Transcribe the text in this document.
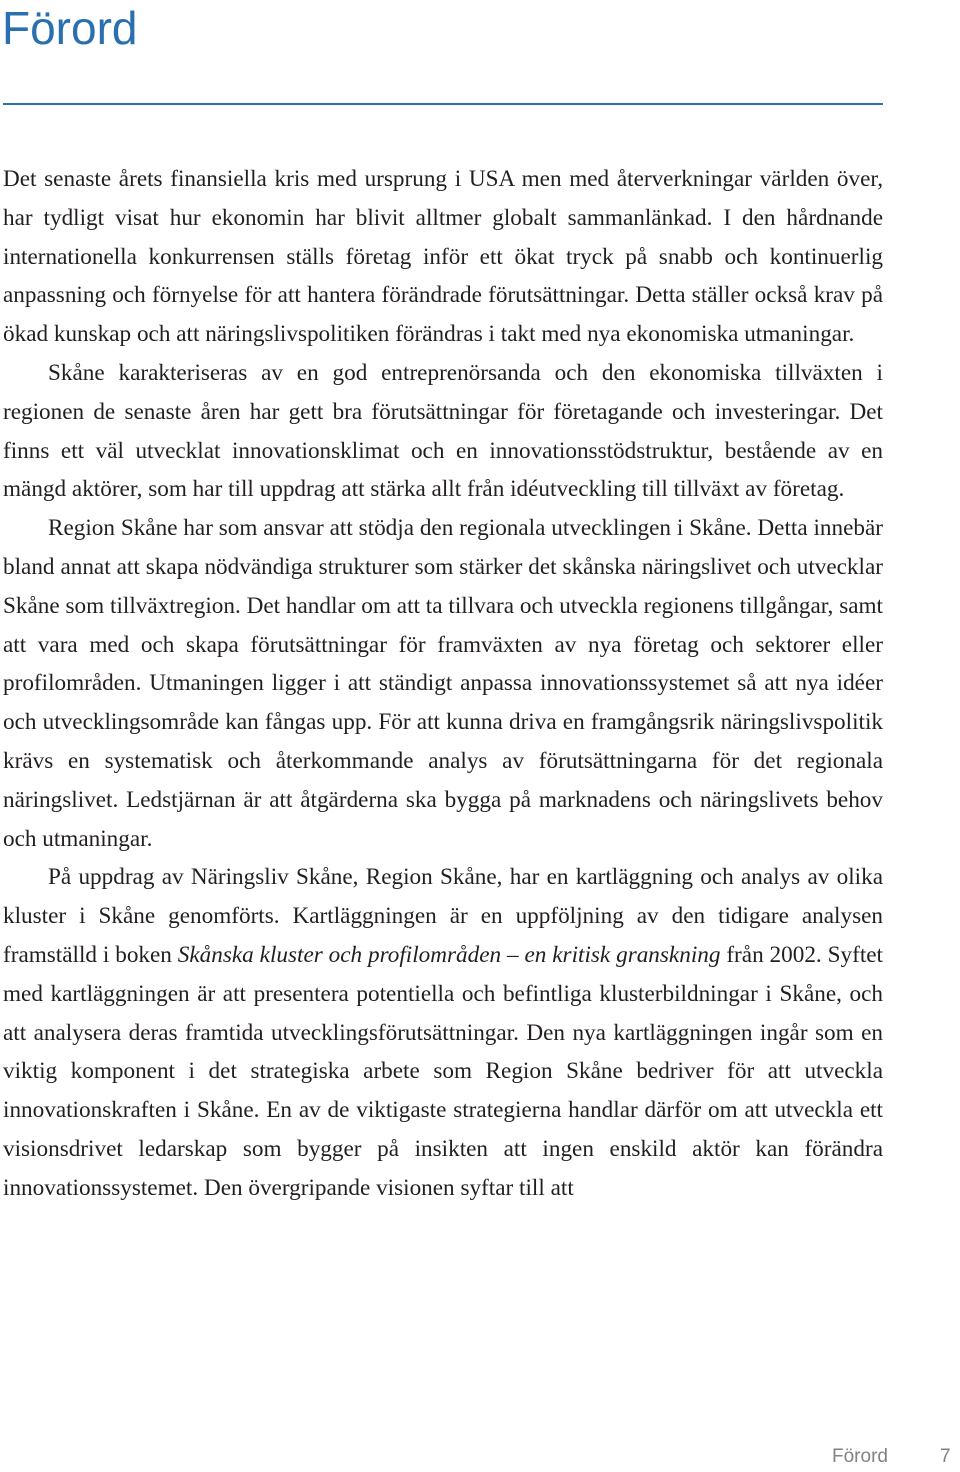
Förord

Det senaste årets finansiella kris med ursprung i USA men med återverkningar världen över, har tydligt visat hur ekonomin har blivit alltmer globalt sammanlänkad. I den hårdnande internationella konkurrensen ställs företag inför ett ökat tryck på snabb och kontinuerlig anpassning och förnyelse för att hantera förändrade förutsättningar. Detta ställer också krav på ökad kunskap och att näringslivspolitiken förändras i takt med nya ekonomiska utmaningar.

Skåne karakteriseras av en god entreprenörsanda och den ekonomiska tillväxten i regionen de senaste åren har gett bra förutsättningar för företagande och investeringar. Det finns ett väl utvecklat innovationsklimat och en innovationsstödstruktur, bestående av en mängd aktörer, som har till uppdrag att stärka allt från idéutveckling till tillväxt av företag.

Region Skåne har som ansvar att stödja den regionala utvecklingen i Skåne. Detta innebär bland annat att skapa nödvändiga strukturer som stärker det skånska näringslivet och utvecklar Skåne som tillväxtregion. Det handlar om att ta tillvara och utveckla regionens tillgångar, samt att vara med och skapa förutsättningar för framväxten av nya företag och sektorer eller profilområden. Utmaningen ligger i att ständigt anpassa innovationssystemet så att nya idéer och utvecklingsområde kan fångas upp. För att kunna driva en framgångsrik näringslivspolitik krävs en systematisk och återkommande analys av förutsättningarna för det regionala näringslivet. Ledstjärnan är att åtgärderna ska bygga på marknadens och näringslivets behov och utmaningar.

På uppdrag av Näringsliv Skåne, Region Skåne, har en kartläggning och analys av olika kluster i Skåne genomförts. Kartläggningen är en uppföljning av den tidigare analysen framställd i boken Skånska kluster och profilområden – en kritisk granskning från 2002. Syftet med kartläggningen är att presentera potentiella och befintliga klusterbildningar i Skåne, och att analysera deras framtida utvecklingsförutsättningar. Den nya kartläggningen ingår som en viktig komponent i det strategiska arbete som Region Skåne bedriver för att utveckla innovationskraften i Skåne. En av de viktigaste strategierna handlar därför om att utveckla ett visionsdrivet ledarskap som bygger på insikten att ingen enskild aktör kan förändra innovationssystemet. Den övergripande visionen syftar till att

Förord	7
